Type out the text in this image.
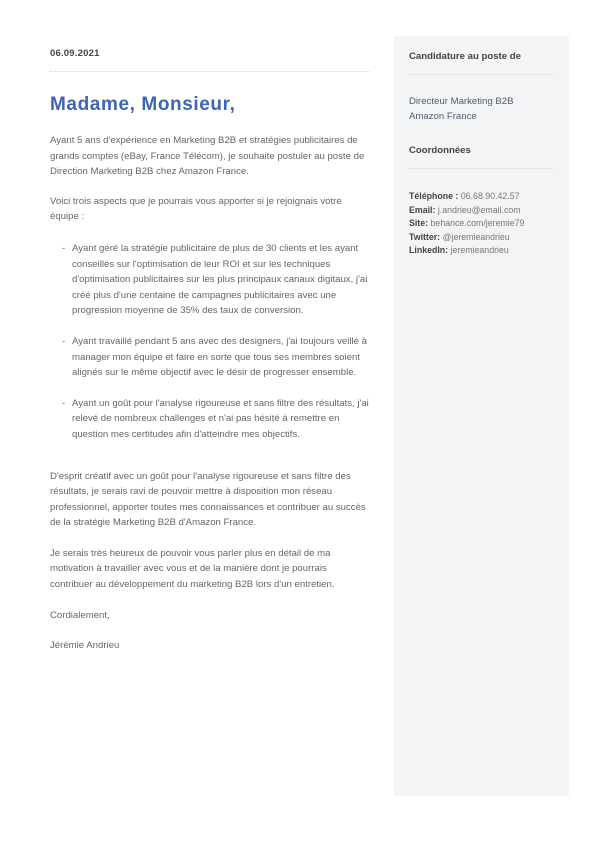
06.09.2021
Madame, Monsieur,

Ayant 5 ans d'expérience en Marketing B2B et stratégies publicitaires de grands comptes (eBay, France Télécom), je souhaite postuler au poste de Direction Marketing B2B chez Amazon France.

Voici trois aspects que je pourrais vous apporter si je rejoignais votre équipe :

- Ayant géré la stratégie publicitaire de plus de 30 clients et les ayant conseillés sur l'optimisation de leur ROI et sur les techniques d'optimisation publicitaires sur les plus principaux canaux digitaux, j'ai créé plus d'une centaine de campagnes publicitaires avec une progression moyenne de 35% des taux de conversion.
- Ayant travaillé pendant 5 ans avec des designers, j'ai toujours veillé à manager mon équipe et faire en sorte que tous ses membres soient alignés sur le même objectif avec le désir de progresser ensemble.
- Ayant un goût pour l'analyse rigoureuse et sans filtre des résultats, j'ai relevé de nombreux challenges et n'ai pas hésité à remettre en question mes certitudes afin d'atteindre mes objectifs.

D'esprit créatif avec un goût pour l'analyse rigoureuse et sans filtre des résultats, je serais ravi de pouvoir mettre à disposition mon réseau professionnel, apporter toutes mes connaissances et contribuer au succès de la stratégie Marketing B2B d'Amazon France.

Je serais très heureux de pouvoir vous parler plus en détail de ma motivation à travailler avec vous et de la manière dont je pourrais contribuer au développement du marketing B2B lors d'un entretien.

Cordialement,

Jérémie Andrieu

Candidature au poste de
Directeur Marketing B2B
Amazon France
Coordonnées
Téléphone : 06.68.90.42.57
Email: j.andrieu@email.com
Site: behance.com/jeremie79
Twitter: @jeremieandrieu
LinkedIn: jeremieandrieu
